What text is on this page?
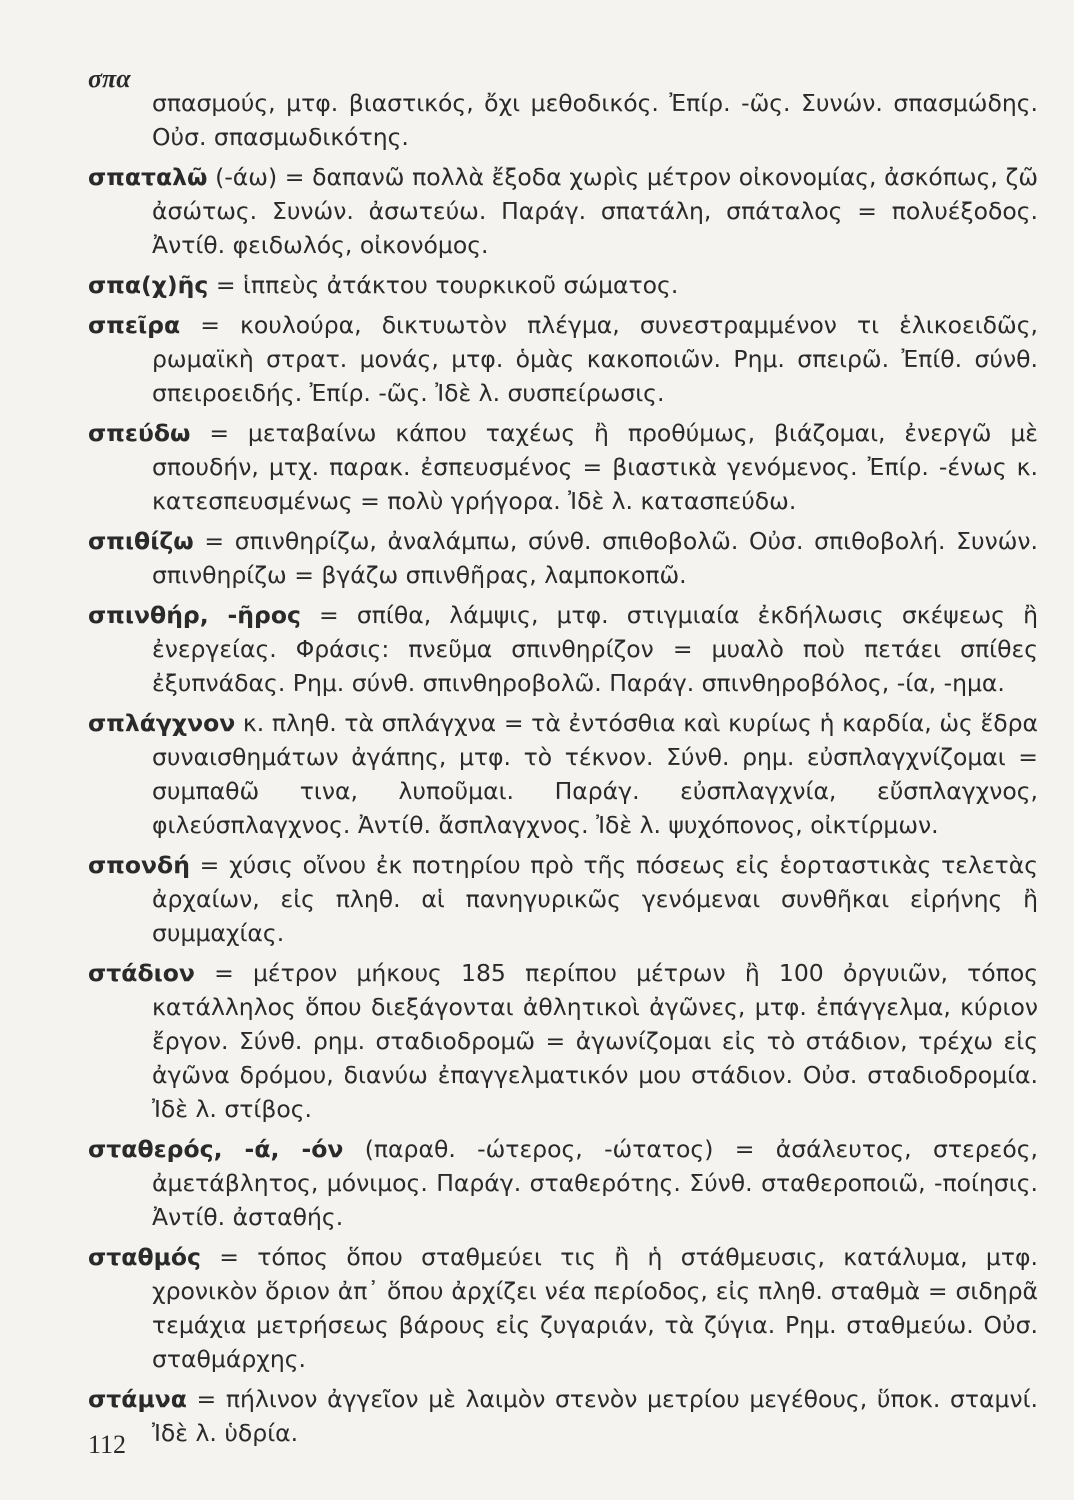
σπα

σπασμούς, μτφ. βιαστικός, ὄχι μεθοδικός. Ἐπίρ. -ῶς. Συνών. σπασμώδης. Οὐσ. σπασμωδικότης.

σπαταλῶ (-άω) = δαπανῶ πολλὰ ἔξοδα χωρὶς μέτρον οἰκονομίας, ἀσκόπως, ζῶ ἀσώτως. Συνών. ἀσωτεύω. Παράγ. σπατάλη, σπάταλος = πολυέξοδος. Ἀντίθ. φειδωλός, οἰκονόμος.

σπα(χ)ῆς = ἱππεὺς ἀτάκτου τουρκικοῦ σώματος.

σπεῖρα = κουλούρα, δικτυωτὸν πλέγμα, συνεστραμμένον τι ἑλικοειδῶς, ρωμαϊκὴ στρατ. μονάς, μτφ. ὁμὰς κακοποιῶν. Ρημ. σπειρῶ. Ἐπίθ. σύνθ. σπειροειδής. Ἐπίρ. -ῶς. Ἰδὲ λ. συσπείρωσις.

σπεύδω = μεταβαίνω κάπου ταχέως ἢ προθύμως, βιάζομαι, ἐνεργῶ μὲ σπουδήν, μτχ. παρακ. ἐσπευσμένος = βιαστικὰ γενόμενος. Ἐπίρ. -ένως κ. κατεσπευσμένως = πολὺ γρήγορα. Ἰδὲ λ. κατασπεύδω.

σπιθίζω = σπινθηρίζω, ἀναλάμπω, σύνθ. σπιθοβολῶ. Οὐσ. σπιθοβολή. Συνών. σπινθηρίζω = βγάζω σπινθῆρας, λαμποκοπῶ.

σπινθήρ, -ῆρος = σπίθα, λάμψις, μτφ. στιγμιαία ἐκδήλωσις σκέψεως ἢ ἐνεργείας. Φράσις: πνεῦμα σπινθηρίζον = μυαλὸ ποὺ πετάει σπίθες ἐξυπνάδας. Ρημ. σύνθ. σπινθηροβολῶ. Παράγ. σπινθηροβόλος, -ία, -ημα.

σπλάγχνον κ. πληθ. τὰ σπλάγχνα = τὰ ἐντόσθια καὶ κυρίως ἡ καρδία, ὡς ἕδρα συναισθημάτων ἀγάπης, μτφ. τὸ τέκνον. Σύνθ. ρημ. εὐσπλαγχνίζομαι = συμπαθῶ τινα, λυποῦμαι. Παράγ. εὐσπλαγχνία, εὔσπλαγχνος, φιλεύσπλαγχνος. Ἀντίθ. ἄσπλαγχνος. Ἰδὲ λ. ψυχόπονος, οἰκτίρμων.

σπονδή = χύσις οἴνου ἐκ ποτηρίου πρὸ τῆς πόσεως εἰς ἑορταστικὰς τελετὰς ἀρχαίων, εἰς πληθ. αἱ πανηγυρικῶς γενόμεναι συνθῆκαι εἰρήνης ἢ συμμαχίας.

στάδιον = μέτρον μήκους 185 περίπου μέτρων ἢ 100 ὀργυιῶν, τόπος κατάλληλος ὅπου διεξάγονται ἀθλητικοὶ ἀγῶνες, μτφ. ἐπάγγελμα, κύριον ἔργον. Σύνθ. ρημ. σταδιοδρομῶ = ἀγωνίζομαι εἰς τὸ στάδιον, τρέχω εἰς ἀγῶνα δρόμου, διανύω ἐπαγγελματικόν μου στάδιον. Οὐσ. σταδιοδρομία. Ἰδὲ λ. στίβος.

σταθερός, -ά, -όν (παραθ. -ώτερος, -ώτατος) = ἀσάλευτος, στερεός, ἀμετάβλητος, μόνιμος. Παράγ. σταθερότης. Σύνθ. σταθεροποιῶ, -ποίησις. Ἀντίθ. ἀσταθής.

σταθμός = τόπος ὅπου σταθμεύει τις ἢ ἡ στάθμευσις, κατάλυμα, μτφ. χρονικὸν ὅριον ἀπ᾽ ὅπου ἀρχίζει νέα περίοδος, εἰς πληθ. σταθμὰ = σιδηρᾶ τεμάχια μετρήσεως βάρους εἰς ζυγαριάν, τὰ ζύγια. Ρημ. σταθμεύω. Οὐσ. σταθμάρχης.

στάμνα = πήλινον ἀγγεῖον μὲ λαιμὸν στενὸν μετρίου μεγέθους, ὕποκ. σταμνί. Ἰδὲ λ. ὑδρία.

112
